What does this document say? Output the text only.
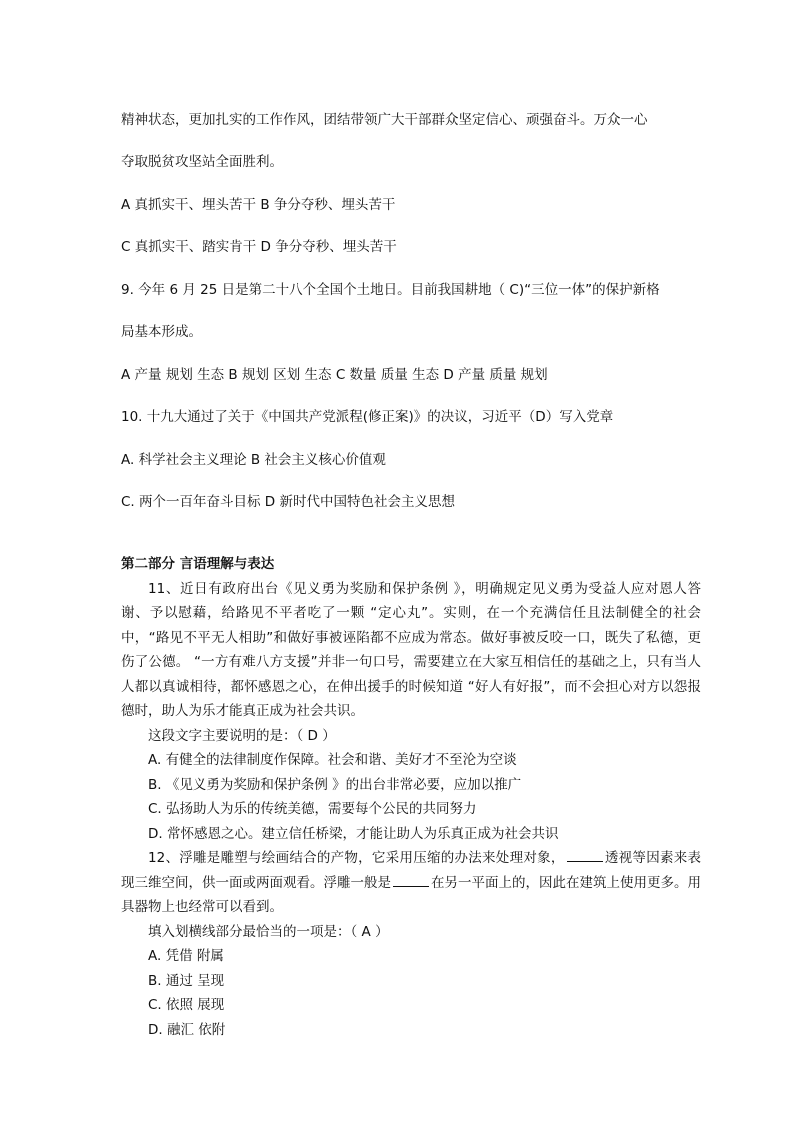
精神状态，更加扎实的工作作风，团结带领广大干部群众坚定信心、顽强奋斗。万众一心
夺取脱贫攻坚站全面胜利。
A 真抓实干、埋头苦干 B 争分夺秒、埋头苦干
C 真抓实干、踏实肯干 D 争分夺秒、埋头苦干
9. 今年 6 月 25 日是第二十八个全国个土地日。目前我国耕地（ C)“三位一体”的保护新格
局基本形成。
A 产量 规划 生态 B 规划 区划 生态 C 数量 质量 生态 D 产量 质量 规划
10. 十九大通过了关于《中国共产党派程(修正案)》的决议，习近平（D）写入党章
A. 科学社会主义理论 B 社会主义核心价值观
C. 两个一百年奋斗目标 D 新时代中国特色社会主义思想
第二部分 言语理解与表达
11、近日有政府出台《见义勇为奖励和保护条例 》，明确规定见义勇为受益人应对恩人答谢、予以慰藉，给路见不平者吃了一颗 “定心丸”。实则，在一个充满信任且法制健全的社会中，“路见不平无人相助”和做好事被诬陷都不应成为常态。做好事被反咬一口，既失了私德，更伤了公德。 “一方有难八方支援”并非一句口号，需要建立在大家互相信任的基础之上，只有当人人都以真诚相待，都怀感恩之心，在伸出援手的时候知道 “好人有好报”，而不会担心对方以怨报德时，助人为乐才能真正成为社会共识。
这段文字主要说明的是：（ D ）
A. 有健全的法律制度作保障。社会和谐、美好才不至沦为空谈
B. 《见义勇为奖励和保护条例 》的出台非常必要，应加以推广
C. 弘扬助人为乐的传统美德，需要每个公民的共同努力
D. 常怀感恩之心。建立信任桥梁，才能让助人为乐真正成为社会共识
12、浮雕是雕塑与绘画结合的产物，它采用压缩的办法来处理对象，	透视等因素来表现三维空间，供一面或两面观看。浮雕一般是	在另一平面上的，因此在建筑上使用更多。用具器物上也经常可以看到。
填入划横线部分最恰当的一项是：（ A ）
A. 凭借 附属
B. 通过 呈现
C. 依照 展现
D. 融汇 依附
